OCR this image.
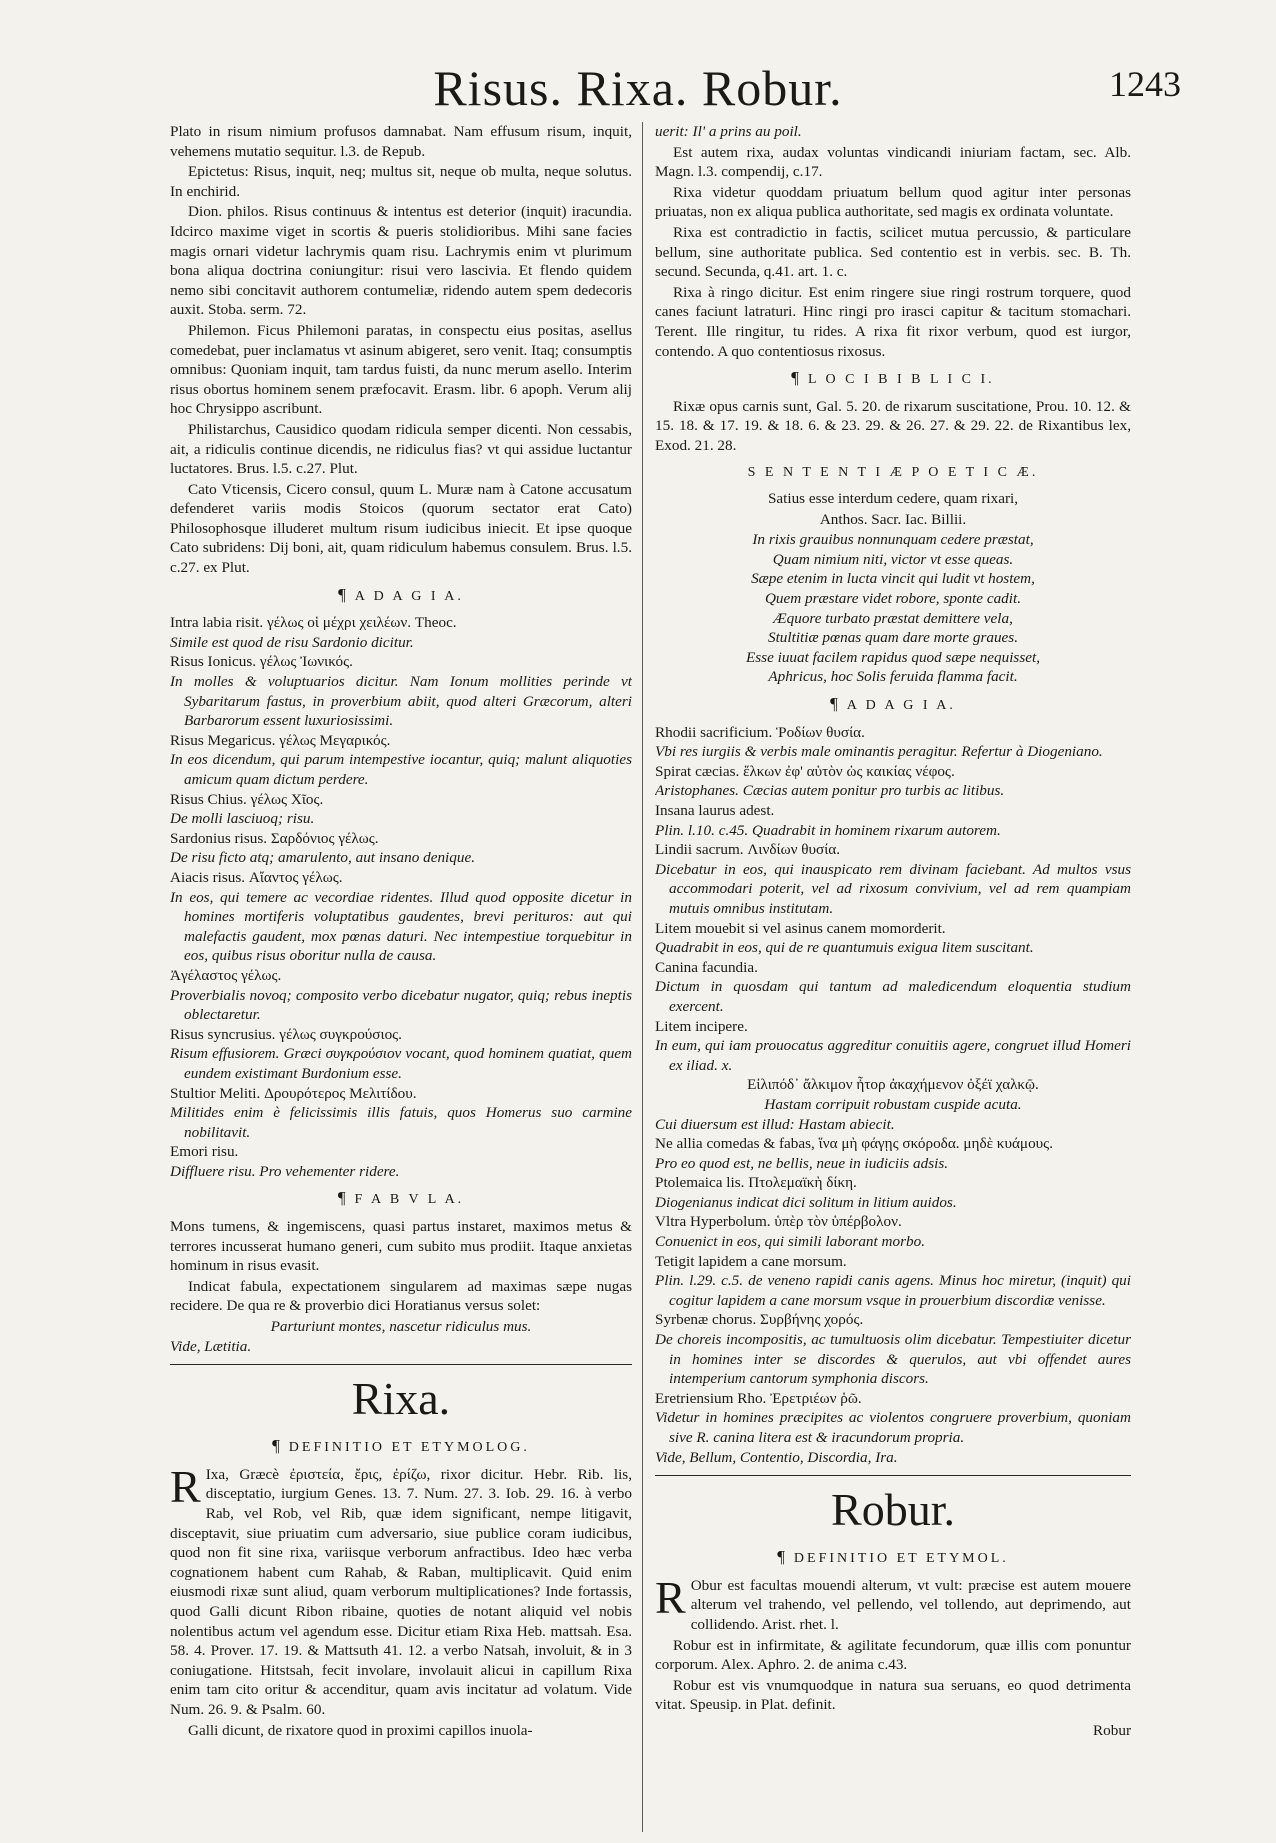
Risus. Rixa. Robur.	1243

Plato in risum nimium profusos damnabat. Nam effusum risum, inquit, vehemens mutatio sequitur. l.3. de Repub.

Epictetus: Risus, inquit, neq; multus sit, neque ob multa, neque solutus. In enchirid.

Dion. philos. Risus continuus & intentus est deterior (inquit) iracundia. Idcirco maxime viget in scortis & pueris stolidioribus. Mihi sane facies magis ornari videtur lachrymis quam risu. Lachrymis enim vt plurimum bona aliqua doctrina coniungitur: risui vero lascivia. Et flendo quidem nemo sibi concitavit authorem contumeliæ, ridendo autem spem dedecoris auxit. Stoba. serm. 72.

Philemon. Ficus Philemoni paratas, in conspectu eius positas, asellus comedebat, puer inclamatus vt asinum abigeret, sero venit. Itaq; consumptis omnibus: Quoniam inquit, tam tardus fuisti, da nunc merum asello. Interim risus obortus hominem senem præfocavit. Erasm. libr. 6 apoph. Verum alij hoc Chrysippo ascribunt.

Philistarchus, Causidico quodam ridicula semper dicenti. Non cessabis, ait, a ridiculis continue dicendis, ne ridiculus fias? vt qui assidue luctantur luctatores. Brus. l.5. c.27. Plut.

Cato Vticensis, Cicero consul, quum L. Muræ nam à Catone accusatum defenderet variis modis Stoicos (quorum sectator erat Cato) Philosophosque illuderet multum risum iudicibus iniecit. Et ipse quoque Cato subridens: Dij boni, ait, quam ridiculum habemus consulem. Brus. l.5. c.27. ex Plut.

¶ A D A G I A.

Intra labia risit. γέλως οἱ μέχρι χειλέων. Theoc.

Simile est quod de risu Sardonio dicitur.

Risus Ionicus. γέλως Ἰωνικός.

In molles & voluptuarios dicitur. Nam Ionum mollities perinde vt Sybaritarum fastus, in proverbium abiit, quod alteri Græcorum, alteri Barbarorum essent luxuriosissimi.

Risus Megaricus. γέλως Μεγαρικός.

In eos dicendum, qui parum intempestive iocantur, quiq; malunt aliquoties amicum quam dictum perdere.

Risus Chius. γέλως Χῖος.

De molli lasciuoq; risu.

Sardonius risus. Σαρδόνιος γέλως.

De risu ficto atq; amarulento, aut insano denique.

Aiacis risus. Αἴαντος γέλως.

In eos, qui temere ac vecordiae ridentes. Illud quod opposite dicetur in homines mortiferis voluptatibus gaudentes, brevi perituros: aut qui malefactis gaudent, mox pœnas daturi. Nec intempestiue torquebitur in eos, quibus risus oboritur nulla de causa.

Ἀγέλαστος γέλως.

Proverbialis novoq; composito verbo dicebatur nugator, quiq; rebus ineptis oblectaretur.

Risus syncrusius. γέλως συγκρούσιος.

Risum effusiorem. Græci συγκρούσιον vocant, quod hominem quatiat, quem eundem existimant Burdonium esse.

Stultior Meliti. Δρουρότερος Μελιτίδου.

Militides enim è felicissimis illis fatuis, quos Homerus suo carmine nobilitavit.

Emori risu.

Diffluere risu. Pro vehementer ridere.

¶ F A B V L A.

Mons tumens, & ingemiscens, quasi partus instaret, maximos metus & terrores incusserat humano generi, cum subito mus prodiit. Itaque anxietas hominum in risus evasit.

Indicat fabula, expectationem singularem ad maximas sæpe nugas recidere. De qua re & proverbio dici Horatianus versus solet:

Parturiunt montes, nascetur ridiculus mus.

Vide, Lætitia.

Rixa.
¶ DEFINITIO ET ETYMOLOG.

R Ixa, Græcè ἐριστεία, ἔρις, ἐρίζω, rixor dicitur. Hebr. Rib. lis, disceptatio, iurgium Genes. 13. 7. Num. 27. 3. Iob. 29. 16. à verbo Rab, vel Rob, vel Rib, quæ idem significant, nempe litigavit, disceptavit, siue priuatim cum adversario, siue publice coram iudicibus, quod non fit sine rixa, variisque verborum anfractibus. Ideo hæc verba cognationem habent cum Rahab, & Raban, multiplicavit. Quid enim eiusmodi rixæ sunt aliud, quam verborum multiplicationes? Inde fortassis, quod Galli dicunt Ribon ribaine, quoties de notant aliquid vel nobis nolentibus actum vel agendum esse. Dicitur etiam Rixa Heb. mattsah. Esa. 58. 4. Prover. 17. 19. & Mattsuth 41. 12. a verbo Natsah, involuit, & in 3 coniugatione. Hitstsah, fecit involare, involauit alicui in capillum Rixa enim tam cito oritur & accenditur, quam avis incitatur ad volatum. Vide Num. 26. 9. & Psalm. 60.

Galli dicunt, de rixatore quod in proximi capillos inuola-

uerit: Il' a prins au poil.

Est autem rixa, audax voluntas vindicandi iniuriam factam, sec. Alb. Magn. l.3. compendij, c.17.

Rixa videtur quoddam priuatum bellum quod agitur inter personas priuatas, non ex aliqua publica authoritate, sed magis ex ordinata voluntate.

Rixa est contradictio in factis, scilicet mutua percussio, & particulare bellum, sine authoritate publica. Sed contentio est in verbis. sec. B. Th. secund. Secunda, q.41. art. 1. c.

Rixa à ringo dicitur. Est enim ringere siue ringi rostrum torquere, quod canes faciunt latraturi. Hinc ringi pro irasci capitur & tacitum stomachari. Terent. Ille ringitur, tu rides. A rixa fit rixor verbum, quod est iurgor, contendo. A quo contentiosus rixosus.

¶ L O C I B I B L I C I.

Rixæ opus carnis sunt, Gal. 5. 20. de rixarum suscitatione, Prou. 10. 12. & 15. 18. & 17. 19. & 18. 6. & 23. 29. & 26. 27. & 29. 22. de Rixantibus lex, Exod. 21. 28.

S E N T E N T I Æ P O E T I C Æ.

Satius esse interdum cedere, quam rixari,

Anthos. Sacr. Iac. Billii.

In rixis grauibus nonnunquam cedere præstat,

Quam nimium niti, victor vt esse queas.

Sæpe etenim in lucta vincit qui ludit vt hostem,

Quem præstare videt robore, sponte cadit.

Æquore turbato præstat demittere vela,

Stultitiæ pœnas quam dare morte graues.

Esse iuuat facilem rapidus quod sæpe nequisset,

Aphricus, hoc Solis feruida flamma facit.

¶ A D A G I A.

Rhodii sacrificium. Ῥοδίων θυσία.

Vbi res iurgiis & verbis male ominantis peragitur. Refertur à Diogeniano.

Spirat cæcias. ἕλκων ἐφ' αὑτὸν ὡς καικίας νέφος.

Aristophanes. Cæcias autem ponitur pro turbis ac litibus.

Insana laurus adest.

Plin. l.10. c.45. Quadrabit in hominem rixarum autorem.

Lindii sacrum. Λινδίων θυσία.

Dicebatur in eos, qui inauspicato rem divinam faciebant. Ad multos vsus accommodari poterit, vel ad rixosum convivium, vel ad rem quampiam mutuis omnibus institutam.

Litem mouebit si vel asinus canem momorderit.

Quadrabit in eos, qui de re quantumuis exigua litem suscitant.

Canina facundia.

Dictum in quosdam qui tantum ad maledicendum eloquentia studium exercent.

Litem incipere.

In eum, qui iam prouocatus aggreditur conuitiis agere, congruet illud Homeri ex iliad. x.

Εἰλιπόδ᾽ ἄλκιμον ἦτορ ἀκαχήμενον ὀξέϊ χαλκῷ.

Hastam corripuit robustam cuspide acuta.

Cui diuersum est illud: Hastam abiecit.

Ne allia comedas & fabas, ἵνα μὴ φάγῃς σκόροδα. μηδὲ κυάμους.

Pro eo quod est, ne bellis, neue in iudiciis adsis.

Ptolemaica lis. Πτολεμαϊκὴ δίκη.

Diogenianus indicat dici solitum in litium auidos.

Vltra Hyperbolum. ὑπὲρ τὸν ὑπέρβολον.

Conuenict in eos, qui simili laborant morbo.

Tetigit lapidem a cane morsum.

Plin. l.29. c.5. de veneno rapidi canis agens. Minus hoc miretur, (inquit) qui cogitur lapidem a cane morsum vsque in prouerbium discordiæ venisse.

Syrbenæ chorus. Συρβήνης χορός.

De choreis incompositis, ac tumultuosis olim dicebatur. Tempestiuiter dicetur in homines inter se discordes & querulos, aut vbi offendet aures intemperium cantorum symphonia discors.

Eretriensium Rho. Ἐρετριέων ῥῶ.

Videtur in homines præcipites ac violentos congruere proverbium, quoniam sive R. canina litera est & iracundorum propria.

Vide, Bellum, Contentio, Discordia, Ira.

Robur.
¶ DEFINITIO ET ETYMOL.

R Obur est facultas mouendi alterum, vt vult: præcise est autem mouere alterum vel trahendo, vel pellendo, vel tollendo, aut deprimendo, aut collidendo. Arist. rhet. l.

Robur est in infirmitate, & agilitate fecundorum, quæ illis com ponuntur corporum. Alex. Aphro. 2. de anima c.43.

Robur est vis vnumquodque in natura sua seruans, eo quod detrimenta vitat. Speusip. in Plat. definit.

Robur
